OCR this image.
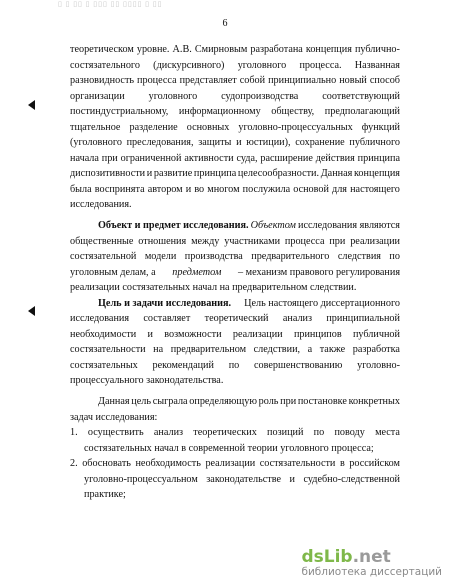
▯ ▯ ▯▯ ▯ ▯▯▯ ▯▯ ▯▯▯▯ ▯ ▯▯
6
теоретическом уровне. А.В. Смирновым разработана концепция публично-
состязательного (дискурсивного) уголовного процесса. Названная
разновидность процесса представляет собой принципиально новый способ
организации уголовного судопроизводства соответствующий
постиндустриальному, информационному обществу, предполагающий
тщательное разделение основных уголовно-процессуальных функций
(уголовного преследования, защиты и юстиции), сохранение публичного
начала при ограниченной активности суда, расширение действия принципа
диспозитивности и развитие принципа целесообразности. Данная концепция
была воспринята автором и во многом послужила основой для настоящего
исследования.
Объект и предмет исследования. Объектом исследования являются
общественные отношения между участниками процесса при реализации
состязательной модели производства предварительного следствия по
уголовным делам, а предметом – механизм правового регулирования
реализации состязательных начал на предварительном следствии.
Цель и задачи исследования. Цель настоящего диссертационного
исследования составляет теоретический анализ принципиальной
необходимости и возможности реализации принципов публичной
состязательности на предварительном следствии, а также разработка
состязательных рекомендаций по совершенствованию уголовно-
процессуального законодательства.
Данная цель сыграла определяющую роль при постановке конкретных
задач исследования:
1. осуществить анализ теоретических позиций по поводу места
состязательных начал в современной теории уголовного процесса;
2. обосновать необходимость реализации состязательности в российском
уголовно-процессуальном законодательстве и судебно-следственной
практике;
dsLib.net
библиотека диссертаций
